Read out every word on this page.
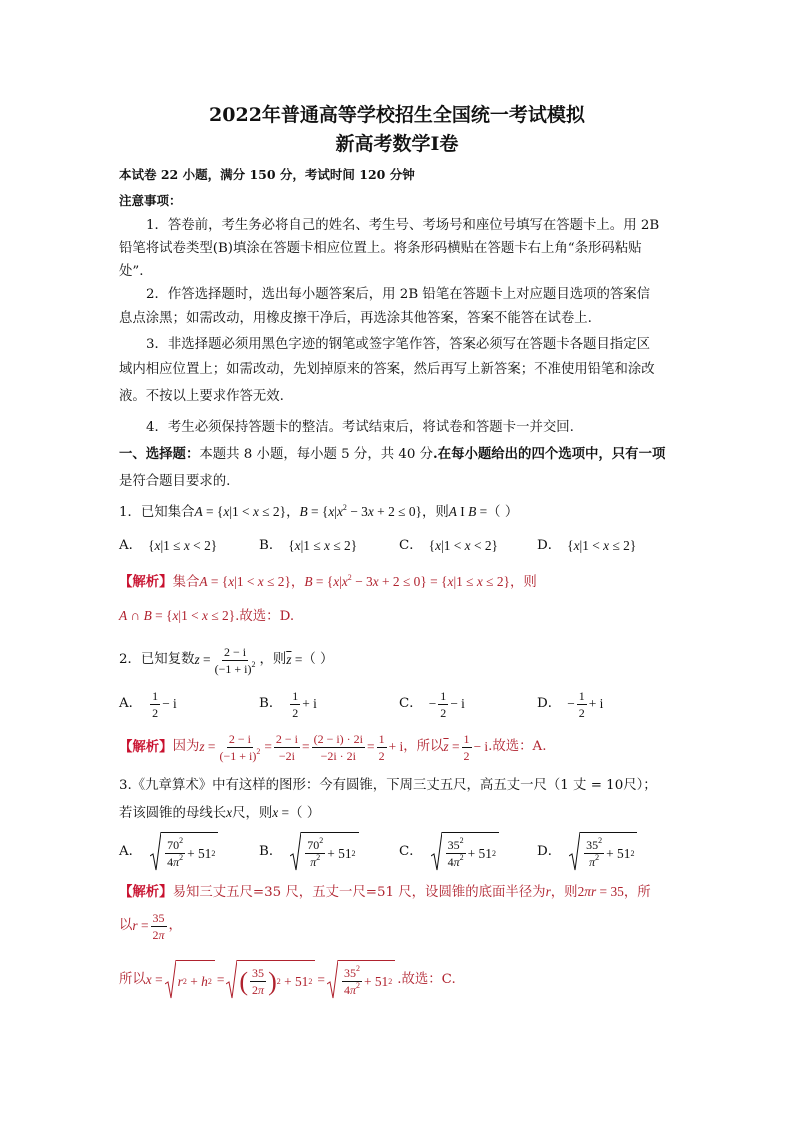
2022年普通高等学校招生全国统一考试模拟
新高考数学Ⅰ卷
本试卷 22 小题，满分 150 分，考试时间 120 分钟
注意事项：
1．答卷前，考生务必将自己的姓名、考生号、考场号和座位号填写在答题卡上。用 2B
铅笔将试卷类型(B)填涂在答题卡相应位置上。将条形码横贴在答题卡右上角“条形码粘贴
处”.
2．作答选择题时，选出每小题答案后，用 2B 铅笔在答题卡上对应题目选项的答案信
息点涂黑；如需改动，用橡皮擦干净后，再选涂其他答案，答案不能答在试卷上.
3．非选择题必须用黑色字迹的钢笔或签字笔作答，答案必须写在答题卡各题目指定区
域内相应位置上；如需改动，先划掉原来的答案，然后再写上新答案；不准使用铅笔和涂改
液。不按以上要求作答无效.
4．考生必须保持答题卡的整洁。考试结束后，将试卷和答题卡一并交回.
一、选择题：本题共 8 小题，每小题 5 分，共 40 分.在每小题给出的四个选项中，只有一项
是符合题目要求的.
1．已知集合A = {x|1 < x ≤ 2}，$B = \{x|x^2 - 3x + 2 \le 0\}$，则A I B =（ ）
A． {x|1 ≤ x < 2}	B． {x|1 ≤ x ≤ 2}	C． {x|1 < x < 2}	D． {x|1 < x ≤ 2}
【解析】集合A = {x|1 < x ≤ 2}，$B = \{x|x^2 - 3x + 2 \le 0\} = \{x|1 \le x \le 2\}$，则
A ∩ B = {x|1 < x ≤ 2}.故选：D.
2．已知复数 $z = \frac{2 - i}{(-1 + i)^2}$ ，则 $\overline{z}$ = （ ）
A．
1
2
− i	B．
1
2
+ i	C． − $\frac{1}{2} - i$	D． − $\frac{1}{2} + i$
【解析】 因为 $z = \frac{2 - i}{(-1 + i)^2} = \frac{2 - i}{-2i} = \frac{(2 - i) \cdot 2i}{-2i \cdot 2i} = \frac{1}{2} + i$ ，所以 $\overline{z} = \frac{1}{2} - i$ .故选：A.
3.《九章算术》中有这样的图形：今有圆锥，下周三丈五尺，高五丈一尺（1 丈 = 10尺）；
若该圆锥的母线长x尺，则x =（ ）
A． $70^2$
$4\pi^2 + 51$ 2	B． $70^2$
$\pi^2 + 51$ 2	C． $35^2$
$4\pi^2 + 51$ 2	D． $35^2$
$\pi^2 + 51$ 2
【解析】易知三丈五尺=35 尺，五丈一尺=51 尺，设圆锥的底面半径为r，则2πr = 35，所
以 $r = \frac{35}{2\pi}$ ，
所以 x = r 2 + h 2 = ( 35
2π ) 2 + 51 $2 = 35^2$
$4\pi^2 + 51$ 2 .故选：C.
